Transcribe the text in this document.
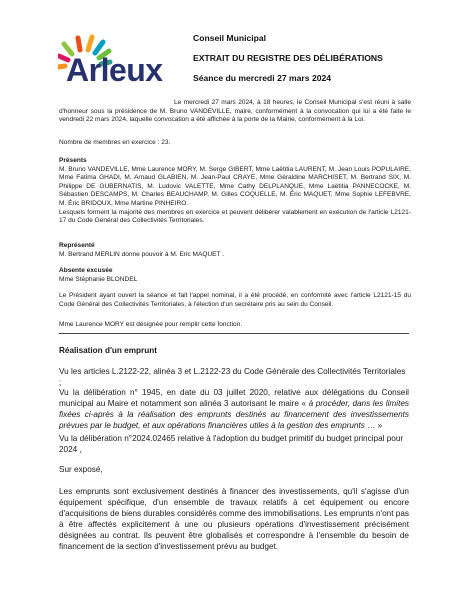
Arleux
Conseil Municipal
EXTRAIT DU REGISTRE DES DÉLIBÉRATIONS
Séance du mercredi 27 mars 2024

Le mercredi 27 mars 2024, à 18 heures, le Conseil Municipal s'est réuni à salle d'honneur sous la présidence de M. Bruno VANDEVILLE, maire, conformément à la convocation qui lui a été faite le vendredi 22 mars 2024, laquelle convocation a été affichée à la porte de la Mairie, conformément à la Loi.

Nombre de membres en exercice : 23.

Présents

M. Bruno VANDEVILLE, Mme Laurence MORY, M. Serge GIBERT, Mme Laëtitia LAURENT, M. Jean Louis POPULAIRE, Mme Fatima GHADI, M. Arnaud GLABIEN, M. Jean-Paul CRAYE, Mme Géraldine MARCHISET, M. Bertrand SIX, M. Philippe DE GUBERNATIS, M. Ludovic VALETTE, Mme Cathy DELPLANQUE, Mme Laëtitia PANNECOCKE, M. Sébastien DESCAMPS, M. Charles BEAUCHAMP, M. Gilles COQUELLE, M. Éric MAQUET, Mme Sophie LEFEBVRE, M. Éric BRIDOUX, Mme Martine PINHEIRO.

Lesquels forment la majorité des membres en exercice et peuvent délibérer valablement en exécution de l'article L2121-17 du Code Général des Collectivités Territoriales.

Représenté

M. Bertrand MERLIN donne pouvoir à M. Eric MAQUET .

Absente excusée

Mme Stéphanie BLONDEL

Le Président ayant ouvert la séance et fait l'appel nominal, il a été procédé, en conformité avec l'article L2121-15 du Code Général des Collectivités Territoriales, à l'élection d'un secrétaire pris au sein du Conseil.

Mme Laurence MORY est désignée pour remplir cette fonction.

Réalisation d'un emprunt

Vu les articles L.2122-22, alinéa 3 et L.2122-23 du Code Générale des Collectivités Territoriales ;

Vu la délibération n° 1945, en date du 03 juillet 2020, relative aux délégations du Conseil municipal au Maire et notamment son alinéa 3 autorisant le maire « à procéder, dans les limites fixées ci-après à la réalisation des emprunts destinés au financement des investissements prévues par le budget, et aux opérations financières utiles à la gestion des emprunts … »

Vu la délibération n°2024.02465 relative à l'adoption du budget primitif du budget principal pour 2024 ,

Sur exposé,

Les emprunts sont exclusivement destinés à financer des investissements, qu'il s'agisse d'un équipement spécifique, d'un ensemble de travaux relatifs à cet équipement ou encore d'acquisitions de biens durables considérés comme des immobilisations. Les emprunts n'ont pas à être affectés explicitement à une ou plusieurs opérations d'investissement précisément désignées au contrat. Ils peuvent être globalisés et correspondre à l'ensemble du besoin de financement de la section d'investissement prévu au budget.
